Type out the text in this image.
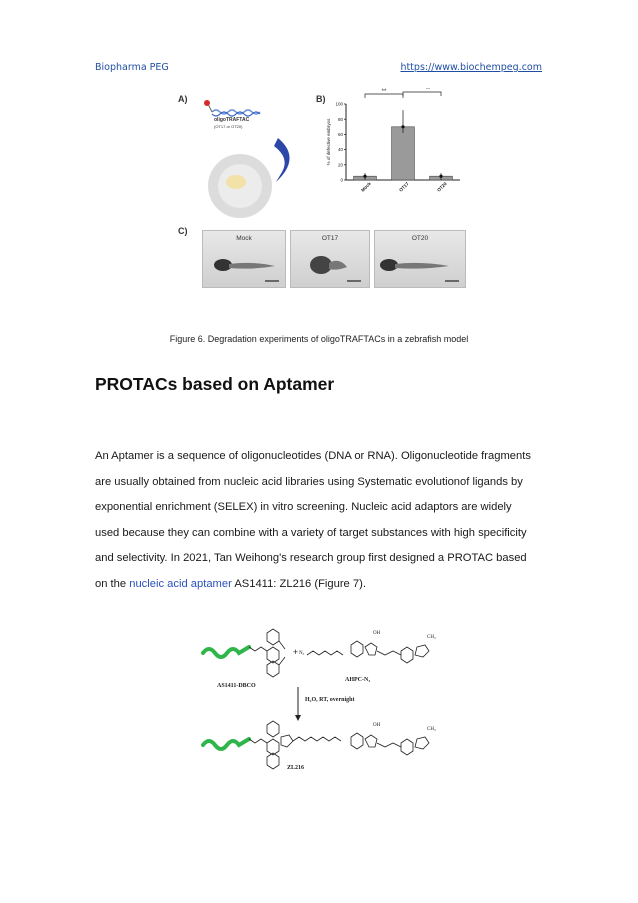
Biopharma PEG	https://www.biochempeg.com
A)	B)
C)
oligoTRAFTAC
(OT17 or OT20)
0
20
40
60
80
100
% of defective embryos
Mock	OT17	OT20
**	**
Mock	OT17	OT20
Figure 6. Degradation experiments of oligoTRAFTACs in a zebrafish model
PROTACs based on Aptamer
An Aptamer is a sequence of oligonucleotides (DNA or RNA). Oligonucleotide fragments
are usually obtained from nucleic acid libraries using Systematic evolutionof ligands by
exponential enrichment (SELEX) in vitro screening. Nucleic acid adaptors are widely
used because they can combine with a variety of target substances with high specificity
and selectivity. In 2021, Tan Weihong's research group first designed a PROTAC based
on the nucleic acid aptamer AS1411: ZL216 (Figure 7).
AS1411-DBCO
+ N₃
AHPC-N₃
OH
CH₃
H₂O, RT, overnight
OH
CH₃
ZL216
